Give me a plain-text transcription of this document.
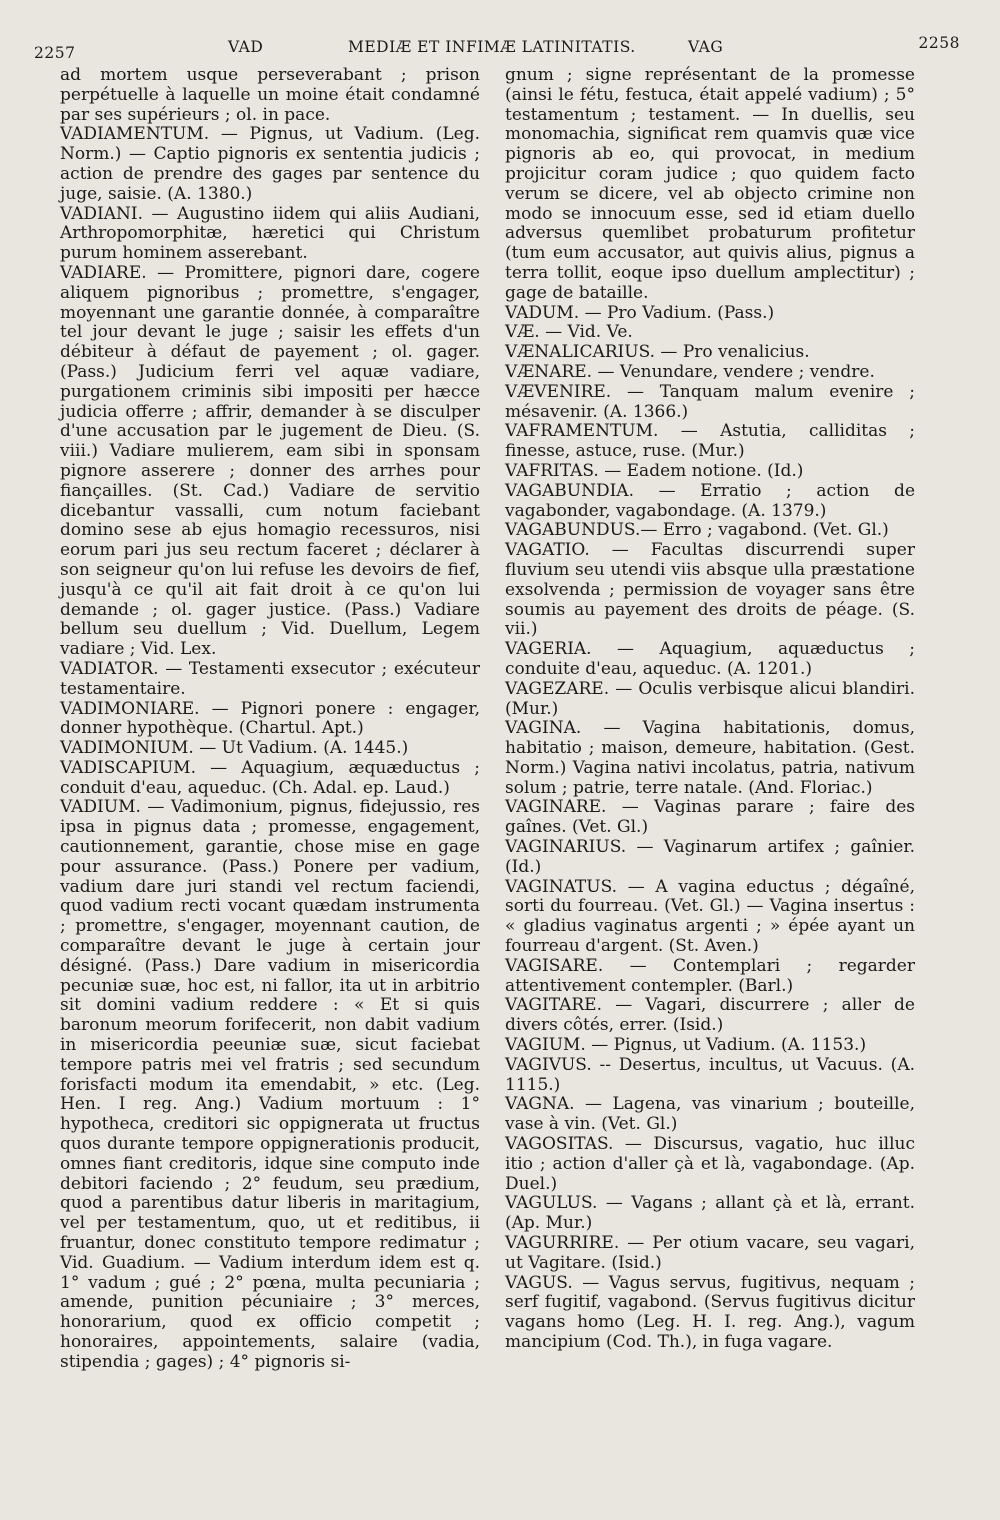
2257	VAD	MEDIÆ ET INFIMÆ LATINITATIS.	VAG	2258

ad mortem usque perseverabant ; prison perpétuelle à laquelle un moine était condamné par ses supérieurs ; ol. in pace.

VADIAMENTUM. — Pignus, ut Vadium. (Leg. Norm.) — Captio pignoris ex sententia judicis ; action de prendre des gages par sentence du juge, saisie. (A. 1380.)

VADIANI. — Augustino iidem qui aliis Audiani, Arthropomorphitæ, hæretici qui Christum purum hominem asserebant.

VADIARE. — Promittere, pignori dare, cogere aliquem pignoribus ; promettre, s'engager, moyennant une garantie donnée, à comparaître tel jour devant le juge ; saisir les effets d'un débiteur à défaut de payement ; ol. gager. (Pass.) Judicium ferri vel aquæ vadiare, purgationem criminis sibi impositi per hæcce judicia offerre ; affrir, demander à se disculper d'une accusation par le jugement de Dieu. (S. viii.) Vadiare mulierem, eam sibi in sponsam pignore asserere ; donner des arrhes pour fiançailles. (St. Cad.) Vadiare de servitio dicebantur vassalli, cum notum faciebant domino sese ab ejus homagio recessuros, nisi eorum pari jus seu rectum faceret ; déclarer à son seigneur qu'on lui refuse les devoirs de fief, jusqu'à ce qu'il ait fait droit à ce qu'on lui demande ; ol. gager justice. (Pass.) Vadiare bellum seu duellum ; Vid. Duellum, Legem vadiare ; Vid. Lex.

VADIATOR. — Testamenti exsecutor ; exécuteur testamentaire.

VADIMONIARE. — Pignori ponere : engager, donner hypothèque. (Chartul. Apt.)

VADIMONIUM. — Ut Vadium. (A. 1445.)

VADISCAPIUM. — Aquagium, æquæductus ; conduit d'eau, aqueduc. (Ch. Adal. ep. Laud.)

VADIUM. — Vadimonium, pignus, fidejussio, res ipsa in pignus data ; promesse, engagement, cautionnement, garantie, chose mise en gage pour assurance. (Pass.) Ponere per vadium, vadium dare juri standi vel rectum faciendi, quod vadium recti vocant quædam instrumenta ; promettre, s'engager, moyennant caution, de comparaître devant le juge à certain jour désigné. (Pass.) Dare vadium in misericordia pecuniæ suæ, hoc est, ni fallor, ita ut in arbitrio sit domini vadium reddere : « Et si quis baronum meorum forifecerit, non dabit vadium in misericordia peeuniæ suæ, sicut faciebat tempore patris mei vel fratris ; sed secundum forisfacti modum ita emendabit, » etc. (Leg. Hen. I reg. Ang.) Vadium mortuum : 1° hypotheca, creditori sic oppignerata ut fructus quos durante tempore oppignerationis producit, omnes fiant creditoris, idque sine computo inde debitori faciendo ; 2° feudum, seu prædium, quod a parentibus datur liberis in maritagium, vel per testamentum, quo, ut et reditibus, ii fruantur, donec constituto tempore redimatur ; Vid. Guadium. — Vadium interdum idem est q. 1° vadum ; gué ; 2° pœna, multa pecuniaria ; amende, punition pécuniaire ; 3° merces, honorarium, quod ex officio competit ; honoraires, appointements, salaire (vadia, stipendia ; gages) ; 4° pignoris si-

gnum ; signe représentant de la promesse (ainsi le fétu, festuca, était appelé vadium) ; 5° testamentum ; testament. — In duellis, seu monomachia, significat rem quamvis quæ vice pignoris ab eo, qui provocat, in medium projicitur coram judice ; quo quidem facto verum se dicere, vel ab objecto crimine non modo se innocuum esse, sed id etiam duello adversus quemlibet probaturum profitetur (tum eum accusator, aut quivis alius, pignus a terra tollit, eoque ipso duellum amplectitur) ; gage de bataille.

VADUM. — Pro Vadium. (Pass.)

VÆ. — Vid. Ve.

VÆNALICARIUS. — Pro venalicius.

VÆNARE. — Venundare, vendere ; vendre.

VÆVENIRE. — Tanquam malum evenire ; mésavenir. (A. 1366.)

VAFRAMENTUM. — Astutia, calliditas ; finesse, astuce, ruse. (Mur.)

VAFRITAS. — Eadem notione. (Id.)

VAGABUNDIA. — Erratio ; action de vagabonder, vagabondage. (A. 1379.)

VAGABUNDUS.— Erro ; vagabond. (Vet. Gl.)

VAGATIO. — Facultas discurrendi super fluvium seu utendi viis absque ulla præstatione exsolvenda ; permission de voyager sans être soumis au payement des droits de péage. (S. vii.)

VAGERIA. — Aquagium, aquæductus ; conduite d'eau, aqueduc. (A. 1201.)

VAGEZARE. — Oculis verbisque alicui blandiri. (Mur.)

VAGINA. — Vagina habitationis, domus, habitatio ; maison, demeure, habitation. (Gest. Norm.) Vagina nativi incolatus, patria, nativum solum ; patrie, terre natale. (And. Floriac.)

VAGINARE. — Vaginas parare ; faire des gaînes. (Vet. Gl.)

VAGINARIUS. — Vaginarum artifex ; gaînier. (Id.)

VAGINATUS. — A vagina eductus ; dégaîné, sorti du fourreau. (Vet. Gl.) — Vagina insertus : « gladius vaginatus argenti ; » épée ayant un fourreau d'argent. (St. Aven.)

VAGISARE. — Contemplari ; regarder attentivement contempler. (Barl.)

VAGITARE. — Vagari, discurrere ; aller de divers côtés, errer. (Isid.)

VAGIUM. — Pignus, ut Vadium. (A. 1153.)

VAGIVUS. -- Desertus, incultus, ut Vacuus. (A. 1115.)

VAGNA. — Lagena, vas vinarium ; bouteille, vase à vin. (Vet. Gl.)

VAGOSITAS. — Discursus, vagatio, huc illuc itio ; action d'aller çà et là, vagabondage. (Ap. Duel.)

VAGULUS. — Vagans ; allant çà et là, errant. (Ap. Mur.)

VAGURRIRE. — Per otium vacare, seu vagari, ut Vagitare. (Isid.)

VAGUS. — Vagus servus, fugitivus, nequam ; serf fugitif, vagabond. (Servus fugitivus dicitur vagans homo (Leg. H. I. reg. Ang.), vagum mancipium (Cod. Th.), in fuga vagare.
